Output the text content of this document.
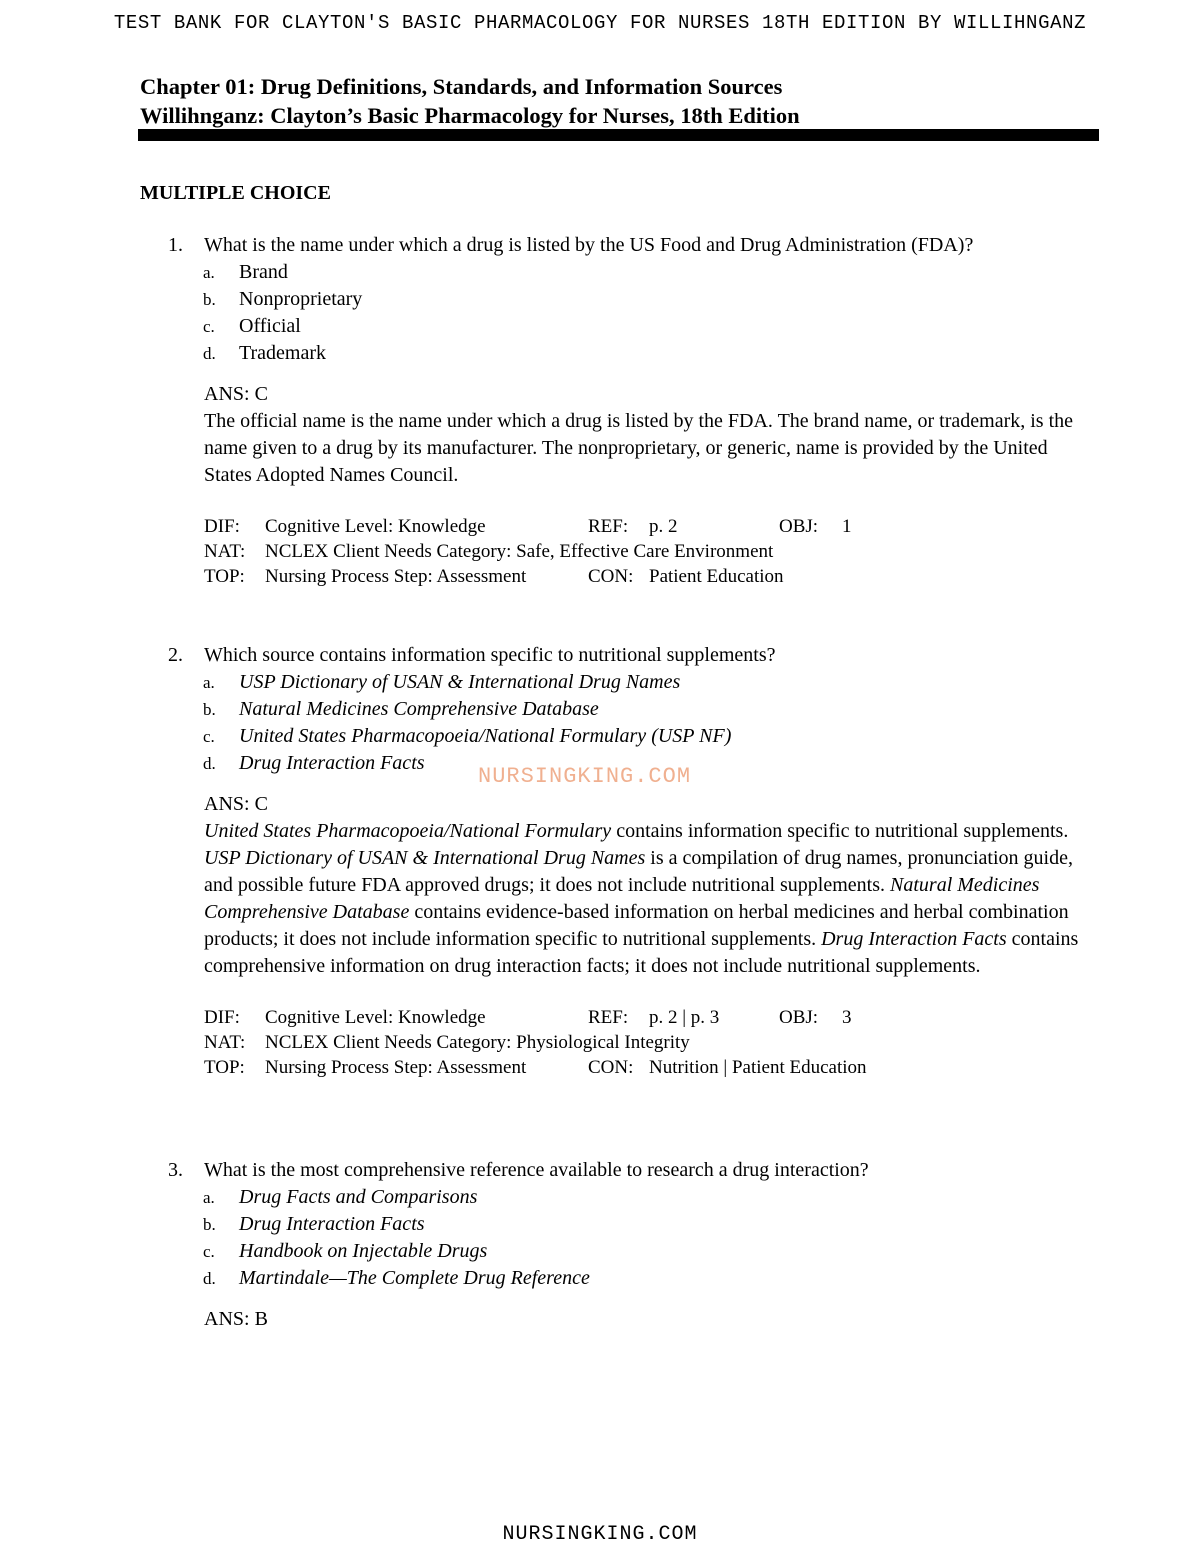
TEST BANK FOR CLAYTON'S BASIC PHARMACOLOGY FOR NURSES 18TH EDITION BY WILLIHNGANZ
Chapter 01: Drug Definitions, Standards, and Information Sources
Willihnganz: Clayton’s Basic Pharmacology for Nurses, 18th Edition
MULTIPLE CHOICE
1. What is the name under which a drug is listed by the US Food and Drug Administration (FDA)?
a. Brand
b. Nonproprietary
c. Official
d. Trademark
ANS: C
The official name is the name under which a drug is listed by the FDA. The brand name, or trademark, is the name given to a drug by its manufacturer. The nonproprietary, or generic, name is provided by the United States Adopted Names Council.
DIF: Cognitive Level: Knowledge	REF: p. 2	OBJ: 1
NAT: NCLEX Client Needs Category: Safe, Effective Care Environment
TOP: Nursing Process Step: Assessment	CON: Patient Education
2. Which source contains information specific to nutritional supplements?
a. USP Dictionary of USAN & International Drug Names
b. Natural Medicines Comprehensive Database
c. United States Pharmacopoeia/National Formulary (USP NF)
d. Drug Interaction Facts
ANS: C
United States Pharmacopoeia/National Formulary contains information specific to nutritional supplements. USP Dictionary of USAN & International Drug Names is a compilation of drug names, pronunciation guide, and possible future FDA approved drugs; it does not include nutritional supplements. Natural Medicines Comprehensive Database contains evidence-based information on herbal medicines and herbal combination products; it does not include information specific to nutritional supplements. Drug Interaction Facts contains comprehensive information on drug interaction facts; it does not include nutritional supplements.
DIF: Cognitive Level: Knowledge	REF: p. 2 | p. 3	OBJ: 3
NAT: NCLEX Client Needs Category: Physiological Integrity
TOP: Nursing Process Step: Assessment	CON: Nutrition | Patient Education
3. What is the most comprehensive reference available to research a drug interaction?
a. Drug Facts and Comparisons
b. Drug Interaction Facts
c. Handbook on Injectable Drugs
d. Martindale—The Complete Drug Reference
ANS: B
NURSINGKING.COM
NURSINGKING.COM
